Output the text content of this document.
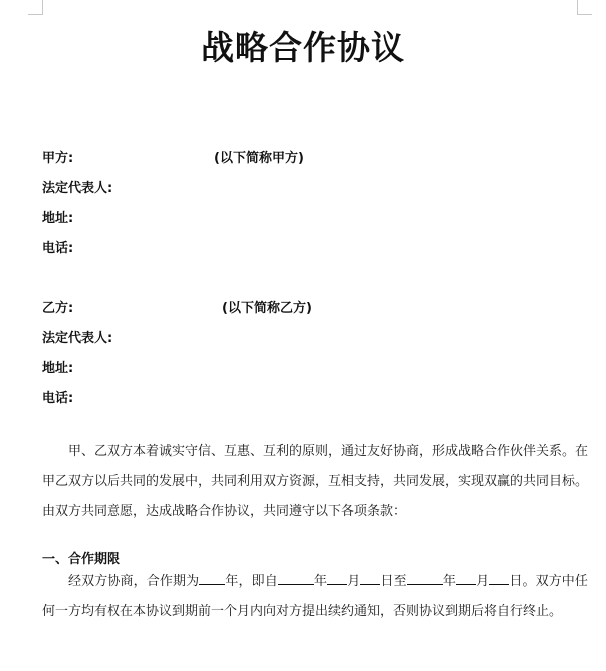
战略合作协议
甲方:	(以下简称甲方)
法定代表人:
地址:
电话:
乙方:	(以下简称乙方)
法定代表人:
地址:
电话:
甲、乙双方本着诚实守信、互惠、互利的原则，通过友好协商，形成战略合作伙伴关系。在甲乙双方以后共同的发展中，共同利用双方资源，互相支持，共同发展，实现双赢的共同目标。由双方共同意愿，达成战略合作协议，共同遵守以下各项条款：
一、合作期限
经双方协商，合作期为 年，即自	年 月 日至	年 月 日。双方中任何一方均有权在本协议到期前一个月内向对方提出续约通知，否则协议到期后将自行终止。
